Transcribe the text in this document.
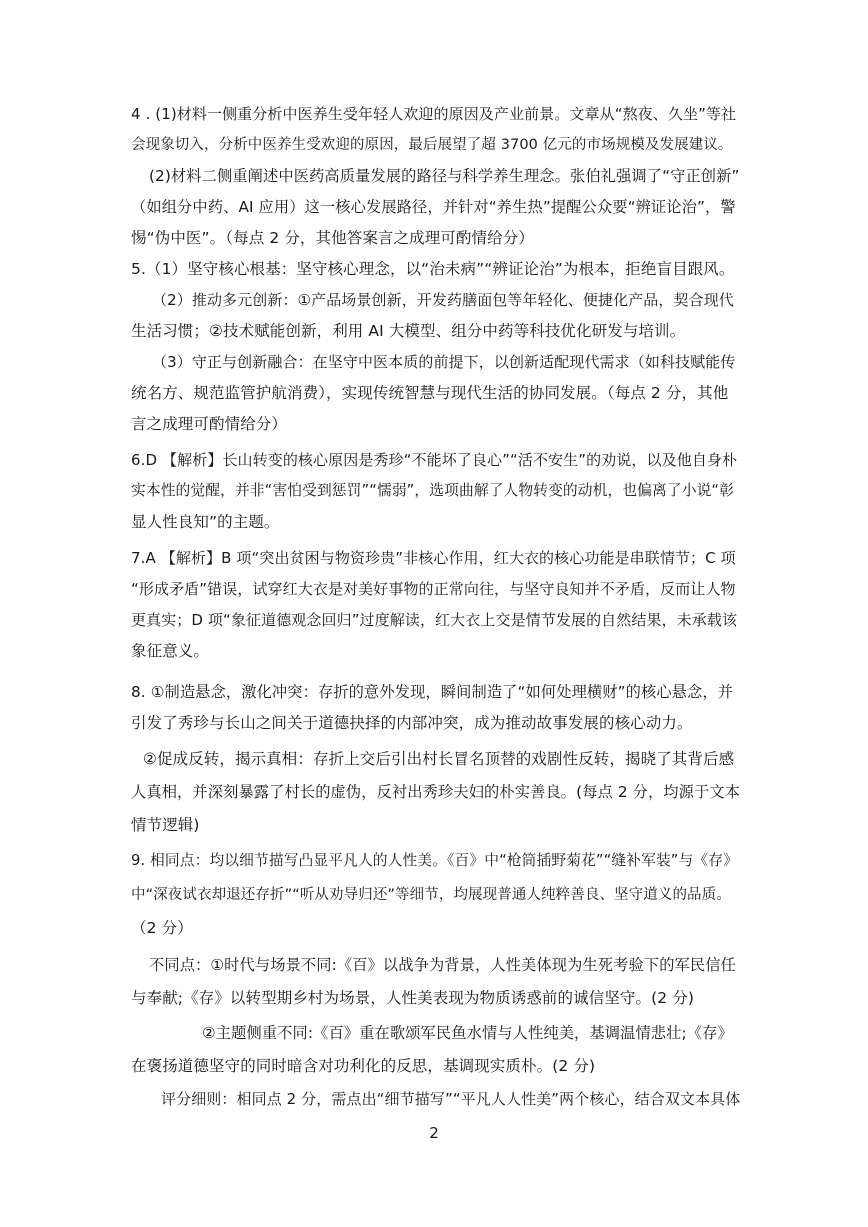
4 . (1)材料一侧重分析中医养生受年轻人欢迎的原因及产业前景。文章从“熬夜、久坐”等社
会现象切入，分析中医养生受欢迎的原因，最后展望了超 3700 亿元的市场规模及发展建议。
(2)材料二侧重阐述中医药高质量发展的路径与科学养生理念。张伯礼强调了“守正创新”
（如组分中药、AI 应用）这一核心发展路径，并针对“养生热”提醒公众要“辨证论治”，警
惕“伪中医”。（每点 2 分，其他答案言之成理可酌情给分）
5.（1）坚守核心根基：坚守核心理念，以“治未病”“辨证论治”为根本，拒绝盲目跟风。
（2）推动多元创新：①产品场景创新，开发药膳面包等年轻化、便捷化产品，契合现代
生活习惯；②技术赋能创新，利用 AI 大模型、组分中药等科技优化研发与培训。
（3）守正与创新融合：在坚守中医本质的前提下，以创新适配现代需求（如科技赋能传
统名方、规范监管护航消费），实现传统智慧与现代生活的协同发展。（每点 2 分，其他
言之成理可酌情给分）
6.D 【解析】长山转变的核心原因是秀珍“不能坏了良心”“活不安生”的劝说，以及他自身朴
实本性的觉醒，并非“害怕受到惩罚”“懦弱”，选项曲解了人物转变的动机，也偏离了小说“彰
显人性良知”的主题。
7.A 【解析】B 项“突出贫困与物资珍贵”非核心作用，红大衣的核心功能是串联情节；C 项
“形成矛盾”错误，试穿红大衣是对美好事物的正常向往，与坚守良知并不矛盾，反而让人物
更真实；D 项“象征道德观念回归”过度解读，红大衣上交是情节发展的自然结果，未承载该
象征意义。
8. ①制造悬念，激化冲突：存折的意外发现，瞬间制造了“如何处理横财”的核心悬念，并
引发了秀珍与长山之间关于道德抉择的内部冲突，成为推动故事发展的核心动力。
②促成反转，揭示真相：存折上交后引出村长冒名顶替的戏剧性反转，揭晓了其背后感
人真相，并深刻暴露了村长的虚伪，反衬出秀珍夫妇的朴实善良。(每点 2 分，均源于文本
情节逻辑)
9. 相同点：均以细节描写凸显平凡人的人性美。《百》中“枪筒插野菊花”“缝补军装”与《存》
中“深夜试衣却退还存折”“听从劝导归还”等细节，均展现普通人纯粹善良、坚守道义的品质。
（2 分）
不同点：①时代与场景不同:《百》以战争为背景，人性美体现为生死考验下的军民信任
与奉献;《存》以转型期乡村为场景，人性美表现为物质诱惑前的诚信坚守。(2 分)
②主题侧重不同:《百》重在歌颂军民鱼水情与人性纯美，基调温情悲壮;《存》
在褒扬道德坚守的同时暗含对功利化的反思，基调现实质朴。(2 分)
评分细则：相同点 2 分，需点出“细节描写”“平凡人人性美”两个核心，结合双文本具体
2
